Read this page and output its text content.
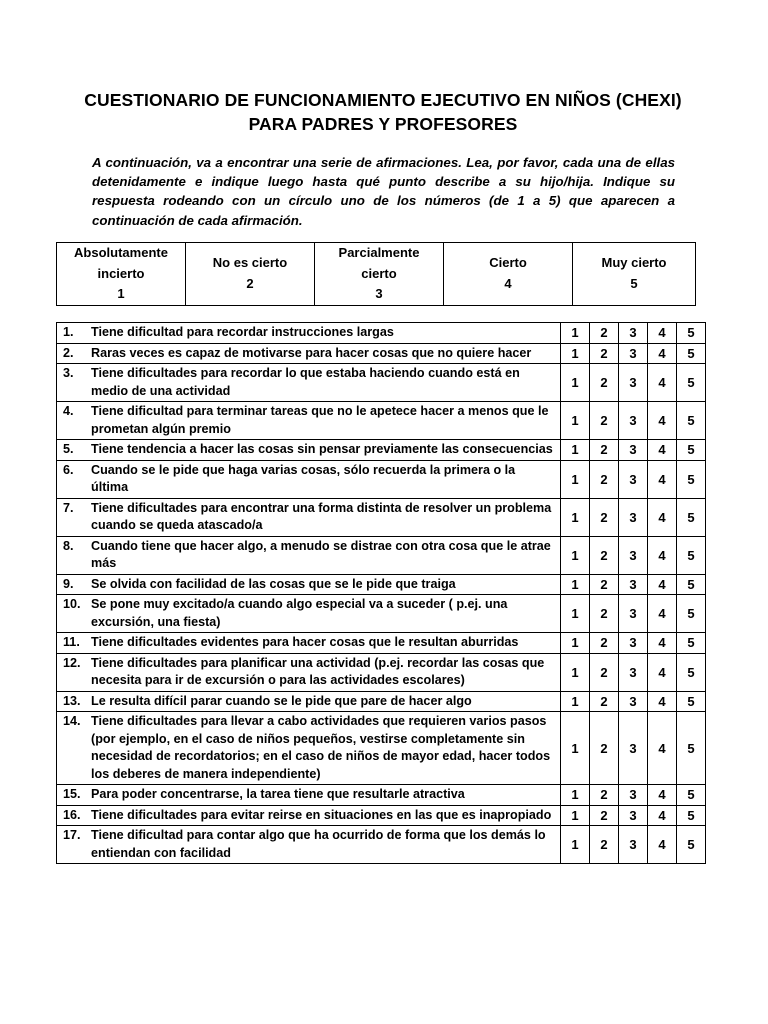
CUESTIONARIO DE FUNCIONAMIENTO EJECUTIVO EN NIÑOS (CHEXI)
PARA PADRES Y PROFESORES
A continuación, va a encontrar una serie de afirmaciones. Lea, por favor, cada una de ellas detenidamente e indique luego hasta qué punto describe a su hijo/hija. Indique su respuesta rodeando con un círculo uno de los números (de 1 a 5) que aparecen a continuación de cada afirmación.
Absolutamente
incierto
1

No es cierto
2

Parcialmente
cierto
3

Cierto
4

Muy cierto
5
1. Tiene dificultad para recordar instrucciones largas	1	2	3	4	5

2. Raras veces es capaz de motivarse para hacer cosas que no quiere hacer	1	2	3	4	5

3. Tiene dificultades para recordar lo que estaba haciendo cuando está en medio de una actividad	1	2	3	4	5

4. Tiene dificultad para terminar tareas que no le apetece hacer a menos que le prometan algún premio	1	2	3	4	5

5. Tiene tendencia a hacer las cosas sin pensar previamente las consecuencias	1	2	3	4	5

6. Cuando se le pide que haga varias cosas, sólo recuerda la primera o la última	1	2	3	4	5

7. Tiene dificultades para encontrar una forma distinta de resolver un problema cuando se queda atascado/a	1	2	3	4	5

8. Cuando tiene que hacer algo, a menudo se distrae con otra cosa que le atrae más	1	2	3	4	5

9. Se olvida con facilidad de las cosas que se le pide que traiga	1	2	3	4	5

10. Se pone muy excitado/a cuando algo especial va a suceder ( p.ej. una excursión, una fiesta)	1	2	3	4	5

11. Tiene dificultades evidentes para hacer cosas que le resultan aburridas	1	2	3	4	5

12. Tiene dificultades para planificar una actividad (p.ej. recordar las cosas que necesita para ir de excursión o para las actividades escolares)	1	2	3	4	5

13. Le resulta difícil parar cuando se le pide que pare de hacer algo	1	2	3	4	5

14. Tiene dificultades para llevar a cabo actividades que requieren varios pasos (por ejemplo, en el caso de niños pequeños, vestirse completamente sin necesidad de recordatorios; en el caso de niños de mayor edad, hacer todos los deberes de manera independiente)	1	2	3	4	5

15. Para poder concentrarse, la tarea tiene que resultarle atractiva	1	2	3	4	5

16. Tiene dificultades para evitar reirse en situaciones en las que es inapropiado	1	2	3	4	5

17. Tiene dificultad para contar algo que ha ocurrido de forma que los demás lo entiendan con facilidad	1	2	3	4	5
